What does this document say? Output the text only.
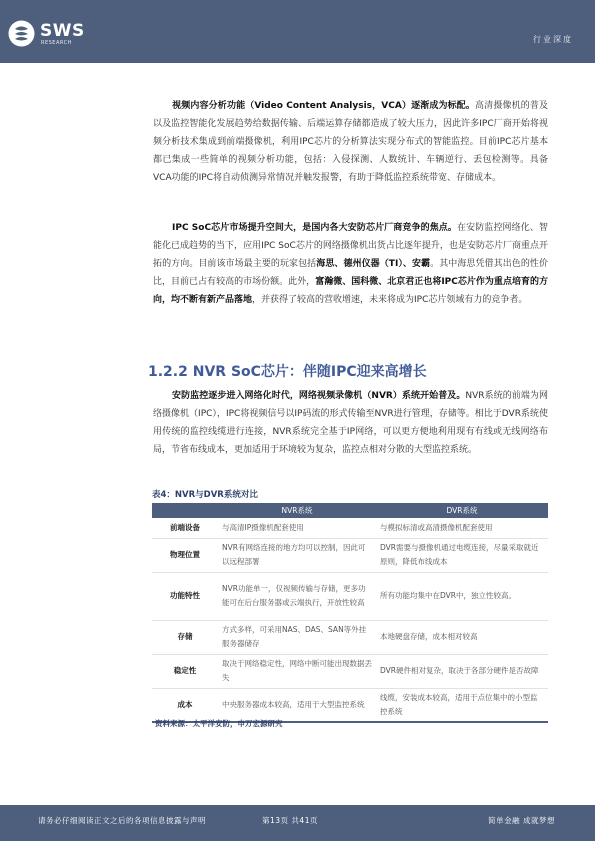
SWS
RESEARCH	行业深度

视频内容分析功能（Video Content Analysis，VCA）逐渐成为标配。高清摄像机的普及以及监控智能化发展趋势给数据传输、后端运算存储都造成了较大压力，因此许多IPC厂商开始将视频分析技术集成到前端摄像机，利用IPC芯片的分析算法实现分布式的智能监控。目前IPC芯片基本都已集成一些简单的视频分析功能，包括：入侵探测、人数统计、车辆逆行、丢包检测等。具备VCA功能的IPC将自动侦测异常情况并触发报警，有助于降低监控系统带宽、存储成本。

IPC SoC芯片市场提升空间大，是国内各大安防芯片厂商竞争的焦点。在安防监控网络化、智能化已成趋势的当下，应用IPC SoC芯片的网络摄像机出货占比逐年提升，也是安防芯片厂商重点开拓的方向。目前该市场最主要的玩家包括海思、德州仪器（TI）、安霸。其中海思凭借其出色的性价比，目前已占有较高的市场份额。此外，富瀚微、国科微、北京君正也将IPC芯片作为重点培育的方向，均不断有新产品落地，并获得了较高的营收增速，未来将成为IPC芯片领域有力的竞争者。

1.2.2 NVR SoC芯片：伴随IPC迎来高增长

安防监控逐步进入网络化时代，网络视频录像机（NVR）系统开始普及。NVR系统的前端为网络摄像机（IPC），IPC将视频信号以IP码流的形式传输至NVR进行管理，存储等。相比于DVR系统使用传统的监控线缆进行连接，NVR系统完全基于IP网络，可以更方便地利用现有有线或无线网络布局，节省布线成本，更加适用于环境较为复杂，监控点相对分散的大型监控系统。

表4：NVR与DVR系统对比
	NVR系统	DVR系统
前端设备	与高清IP摄像机配套使用	与模拟标清或高清摄像机配套使用
物理位置	NVR有网络连接的地方均可以控制，因此可以远程部署	DVR需要与摄像机通过电缆连接，尽量采取就近原则，降低布线成本
功能特性	NVR功能单一，仅视频传输与存储，更多功能可在后台服务器或云端执行，开放性较高	所有功能均集中在DVR中，独立性较高。
存储	方式多样，可采用NAS、DAS、SAN等外挂服务器储存	本地硬盘存储，成本相对较高
稳定性	取决于网络稳定性，网络中断可能出现数据丢失	DVR硬件相对复杂，取决于各部分硬件是否故障
成本	中央服务器成本较高，适用于大型监控系统	线缆，安装成本较高，适用于点位集中的小型监控系统
资料来源：太平洋安防，申万宏源研究
请务必仔细阅读正文之后的各项信息披露与声明	第13页 共41页	简单金融 成就梦想
